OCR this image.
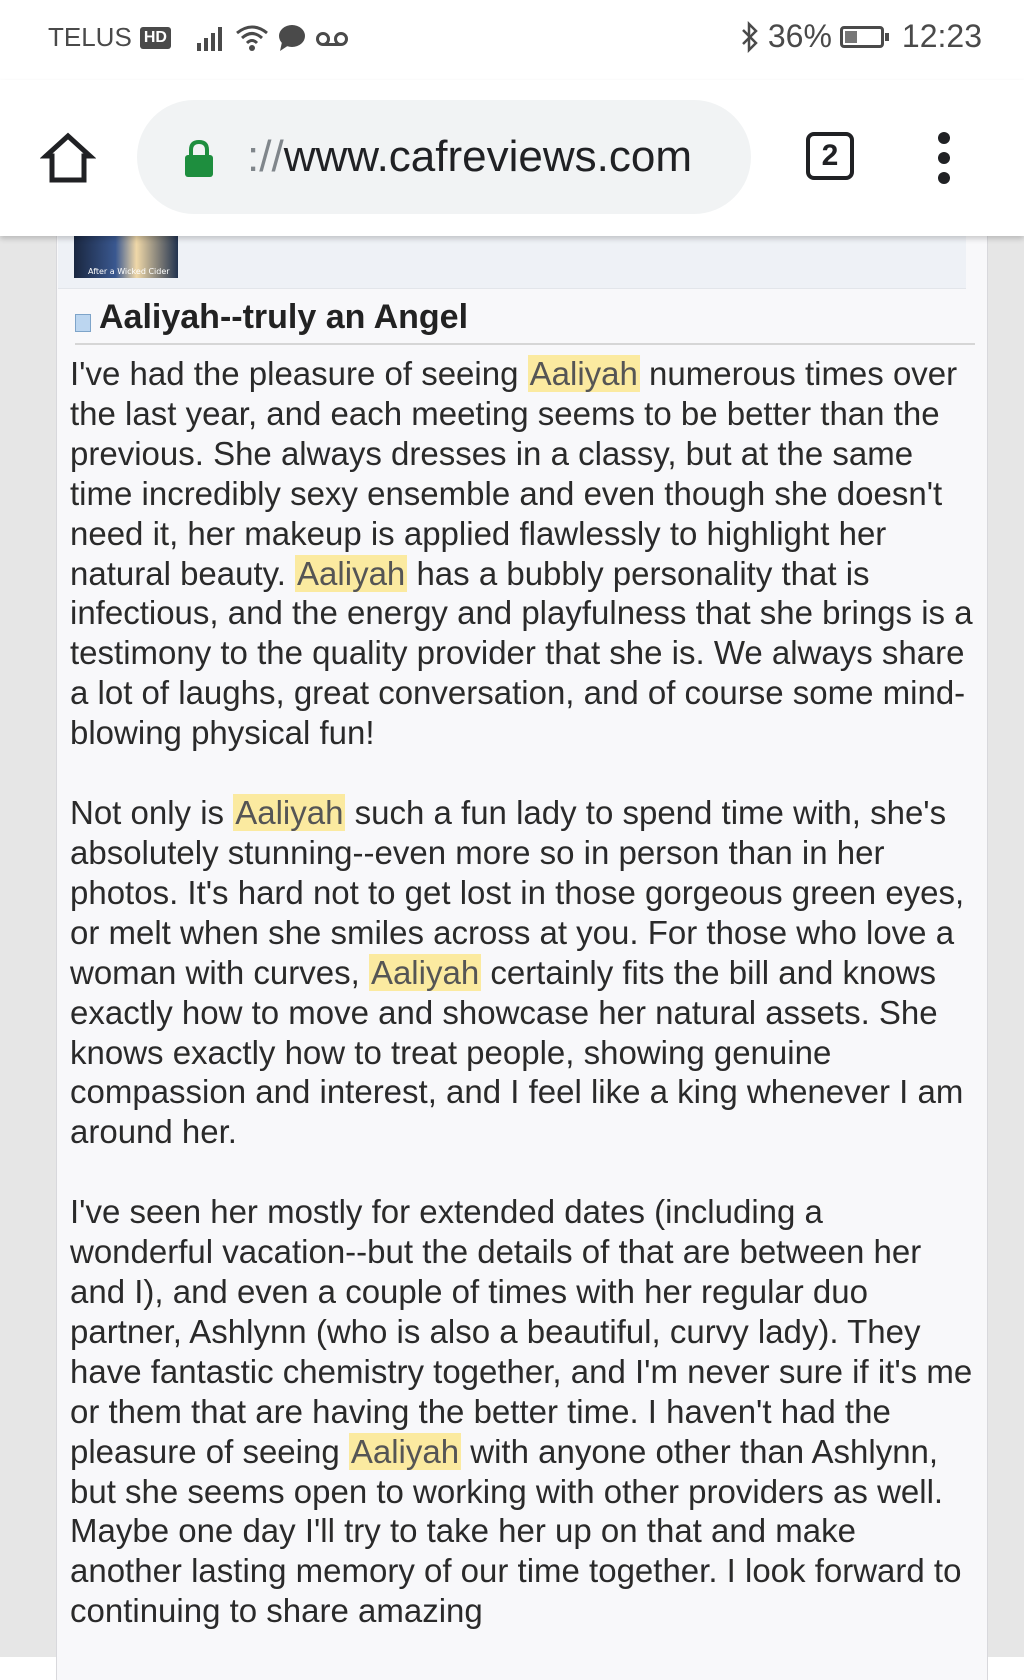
TELUS HD	36% 12:23
://www.cafreviews.com	2
After a Wicked Cider
Aaliyah--truly an Angel

I've had the pleasure of seeing Aaliyah numerous times over the last year, and each meeting seems to be better than the previous. She always dresses in a classy, but at the same time incredibly sexy ensemble and even though she doesn't need it, her makeup is applied flawlessly to highlight her natural beauty. Aaliyah has a bubbly personality that is infectious, and the energy and playfulness that she brings is a testimony to the quality provider that she is. We always share a lot of laughs, great conversation, and of course some mind-blowing physical fun!

Not only is Aaliyah such a fun lady to spend time with, she's absolutely stunning--even more so in person than in her photos. It's hard not to get lost in those gorgeous green eyes, or melt when she smiles across at you. For those who love a woman with curves, Aaliyah certainly fits the bill and knows exactly how to move and showcase her natural assets. She knows exactly how to treat people, showing genuine compassion and interest, and I feel like a king whenever I am around her.

I've seen her mostly for extended dates (including a wonderful vacation--but the details of that are between her and I), and even a couple of times with her regular duo partner, Ashlynn (who is also a beautiful, curvy lady). They have fantastic chemistry together, and I'm never sure if it's me or them that are having the better time. I haven't had the pleasure of seeing Aaliyah with anyone other than Ashlynn, but she seems open to working with other providers as well. Maybe one day I'll try to take her up on that and make another lasting memory of our time together. I look forward to continuing to share amazing
